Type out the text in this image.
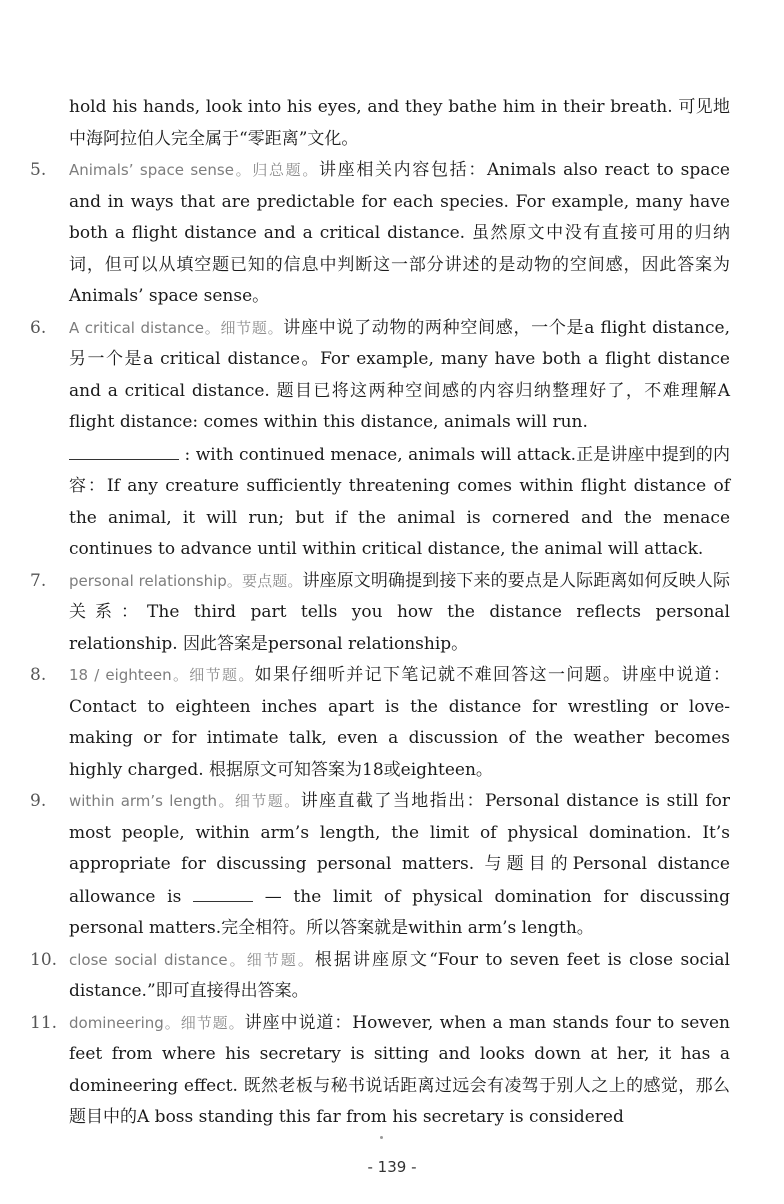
hold his hands, look into his eyes, and they bathe him in their breath. 可见地中海阿拉伯人完全属于“零距离”文化。
5.	Animals’ space sense。归总题。讲座相关内容包括：Animals also react to space and in ways that are predictable for each species. For example, many have both a flight distance and a critical distance. 虽然原文中没有直接可用的归纳词，但可以从填空题已知的信息中判断这一部分讲述的是动物的空间感，因此答案为Animals’ space sense。
6.	A critical distance。细节题。讲座中说了动物的两种空间感，一个是a flight distance, 另一个是a critical distance。For example, many have both a flight distance and a critical distance. 题目已将这两种空间感的内容归纳整理好了，不难理解A flight distance: comes within this distance, animals will run.
: with continued menace, animals will attack.正是讲座中提到的内容：If any creature sufficiently threatening comes within flight distance of the animal, it will run; but if the animal is cornered and the menace continues to advance until within critical distance, the animal will attack.
7.	personal relationship。要点题。讲座原文明确提到接下来的要点是人际距离如何反映人际关系：The third part tells you how the distance reflects personal relationship. 因此答案是personal relationship。
8.	18 / eighteen。细节题。如果仔细听并记下笔记就不难回答这一问题。讲座中说道：Contact to eighteen inches apart is the distance for wrestling or love-making or for intimate talk, even a discussion of the weather becomes highly charged. 根据原文可知答案为18或eighteen。
9.	within arm’s length。细节题。讲座直截了当地指出：Personal distance is still for most people, within arm’s length, the limit of physical domination. It’s appropriate for discussing personal matters. 与题目的Personal distance allowance is	— the limit of physical domination for discussing personal matters.完全相符。所以答案就是within arm’s length。
10. close social distance。细节题。根据讲座原文“Four to seven feet is close social distance.”即可直接得出答案。
11. domineering。细节题。讲座中说道：However, when a man stands four to seven feet from where his secretary is sitting and looks down at her, it has a domineering effect. 既然老板与秘书说话距离过远会有凌驾于别人之上的感觉，那么题目中的A boss standing this far from his secretary is considered
- 139 -
